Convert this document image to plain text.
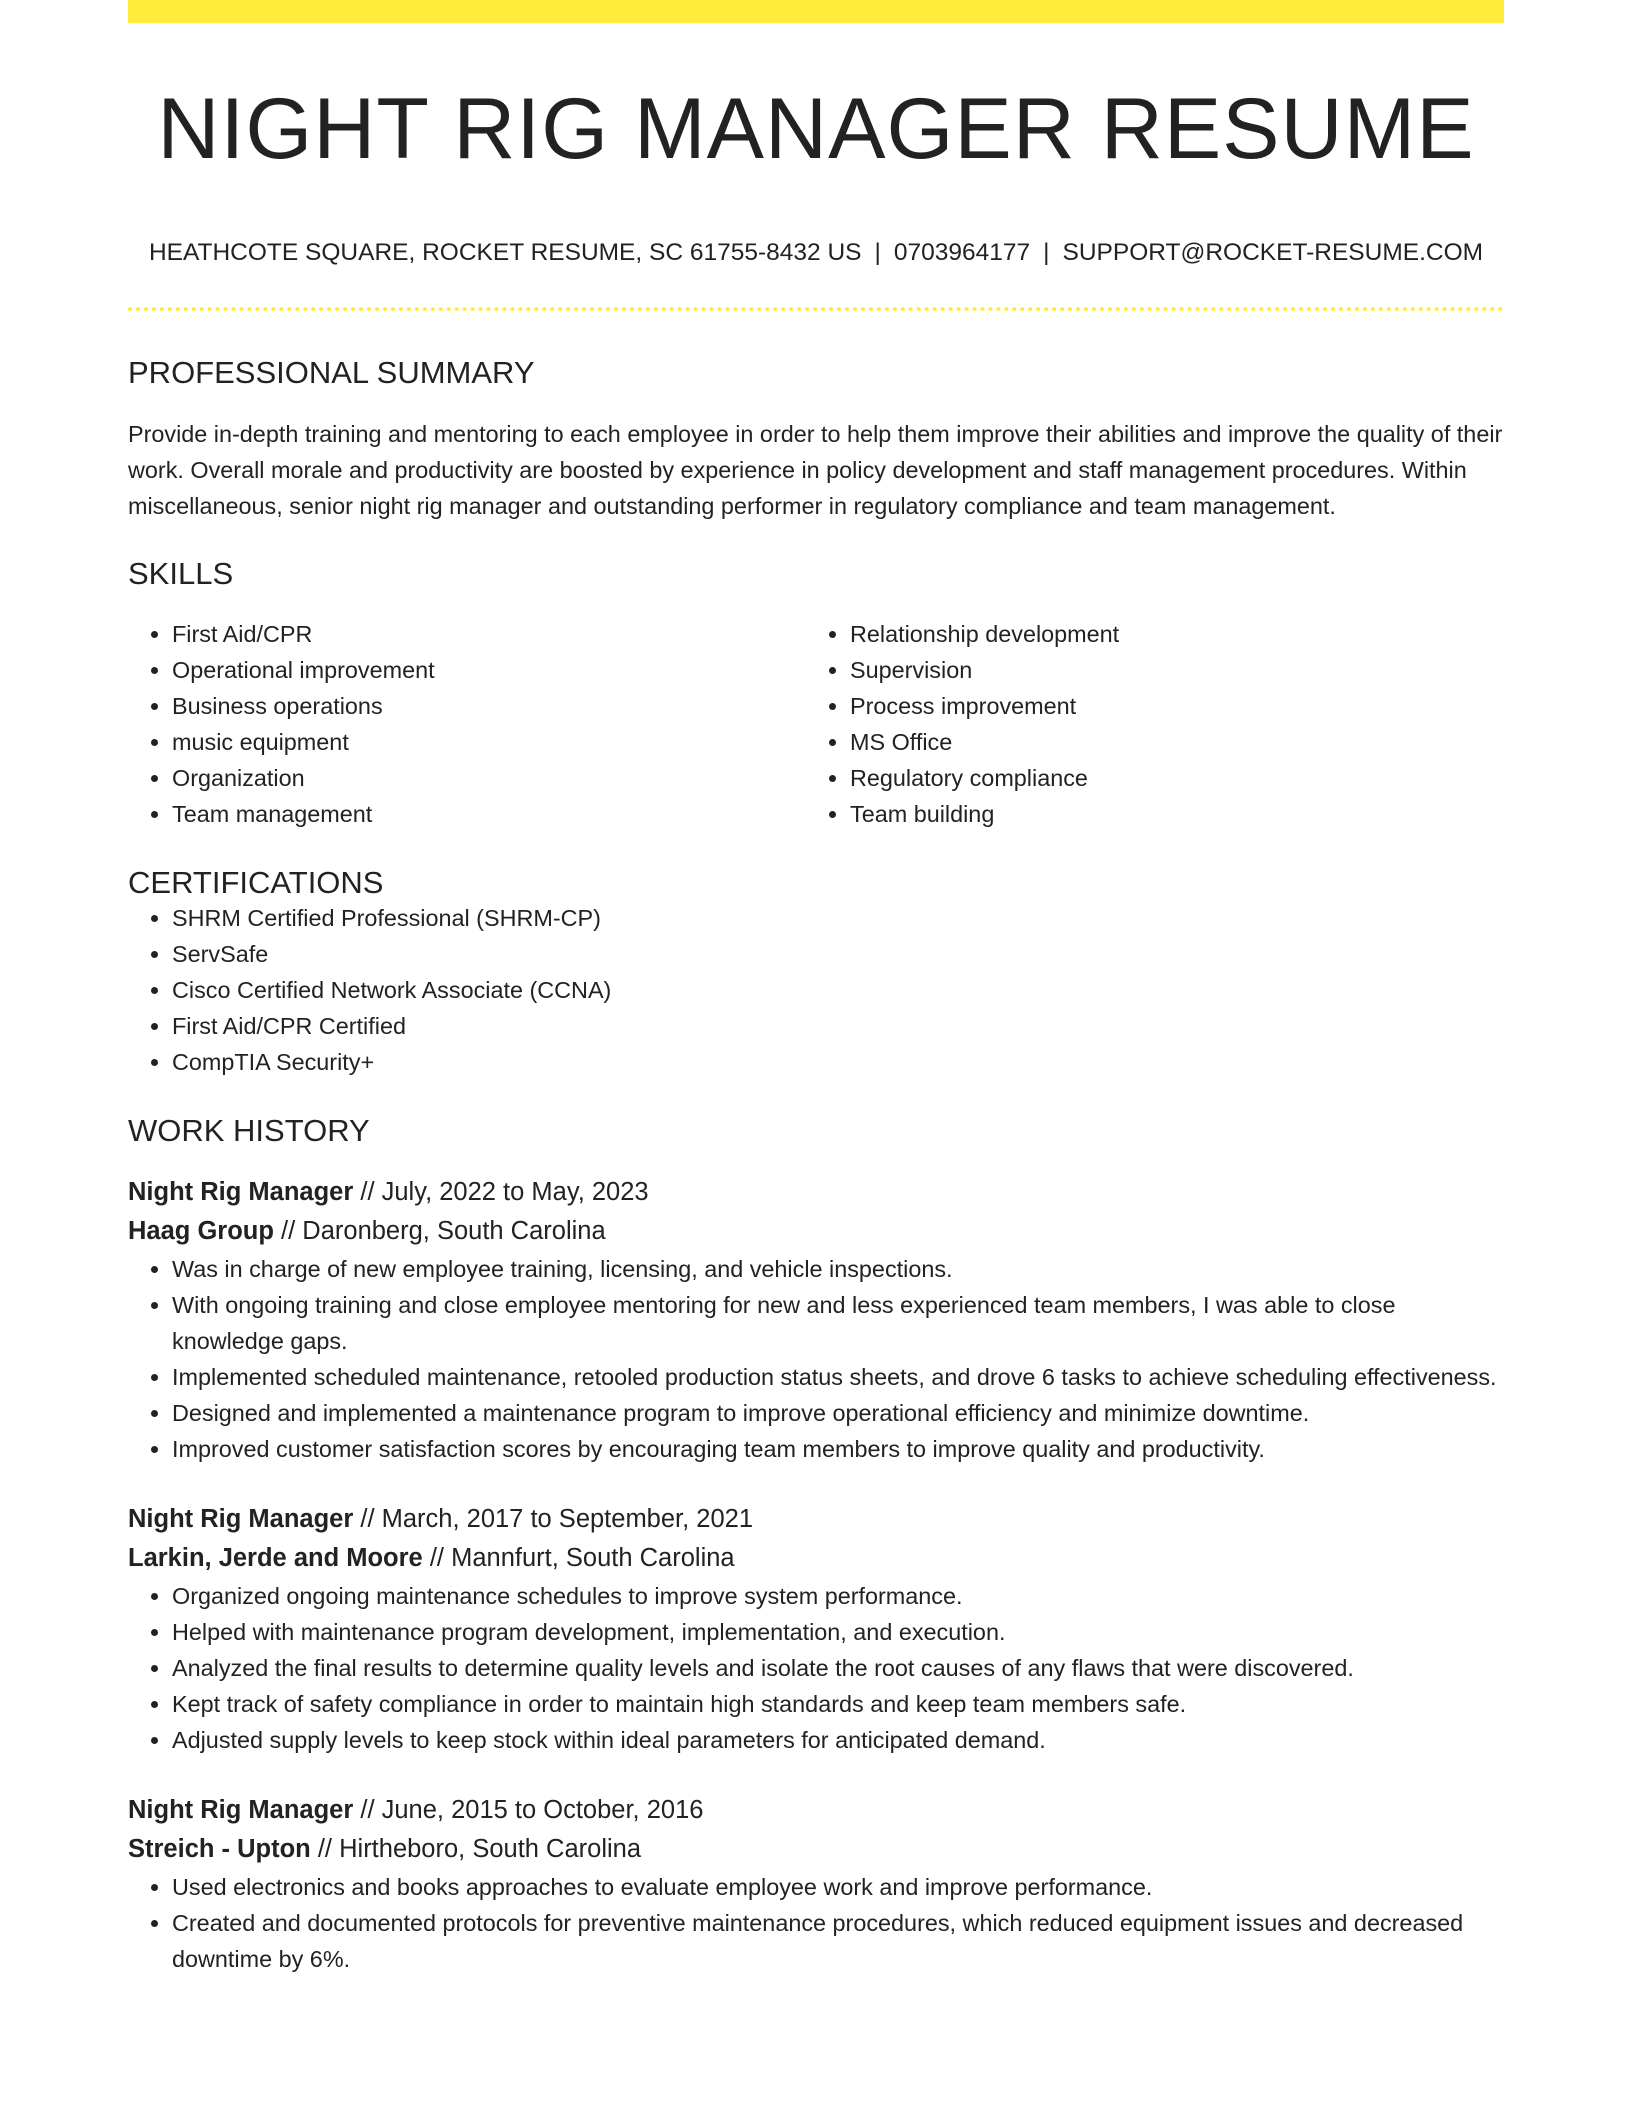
NIGHT RIG MANAGER RESUME
HEATHCOTE SQUARE, ROCKET RESUME, SC 61755-8432 US | 0703964177 | SUPPORT@ROCKET-RESUME.COM
PROFESSIONAL SUMMARY

Provide in-depth training and mentoring to each employee in order to help them improve their abilities and improve the quality of their work. Overall morale and productivity are boosted by experience in policy development and staff management procedures. Within miscellaneous, senior night rig manager and outstanding performer in regulatory compliance and team management.

SKILLS
• First Aid/CPR
• Operational improvement
• Business operations
• music equipment
• Organization
• Team management
• Relationship development
• Supervision
• Process improvement
• MS Office
• Regulatory compliance
• Team building
CERTIFICATIONS
• SHRM Certified Professional (SHRM-CP)
• ServSafe
• Cisco Certified Network Associate (CCNA)
• First Aid/CPR Certified
• CompTIA Security+
WORK HISTORY
Night Rig Manager // July, 2022 to May, 2023
Haag Group // Daronberg, South Carolina
• Was in charge of new employee training, licensing, and vehicle inspections.
• With ongoing training and close employee mentoring for new and less experienced team members, I was able to close knowledge gaps.
• Implemented scheduled maintenance, retooled production status sheets, and drove 6 tasks to achieve scheduling effectiveness.
• Designed and implemented a maintenance program to improve operational efficiency and minimize downtime.
• Improved customer satisfaction scores by encouraging team members to improve quality and productivity.
Night Rig Manager // March, 2017 to September, 2021
Larkin, Jerde and Moore // Mannfurt, South Carolina
• Organized ongoing maintenance schedules to improve system performance.
• Helped with maintenance program development, implementation, and execution.
• Analyzed the final results to determine quality levels and isolate the root causes of any flaws that were discovered.
• Kept track of safety compliance in order to maintain high standards and keep team members safe.
• Adjusted supply levels to keep stock within ideal parameters for anticipated demand.
Night Rig Manager // June, 2015 to October, 2016
Streich - Upton // Hirtheboro, South Carolina
• Used electronics and books approaches to evaluate employee work and improve performance.
• Created and documented protocols for preventive maintenance procedures, which reduced equipment issues and decreased downtime by 6%.
